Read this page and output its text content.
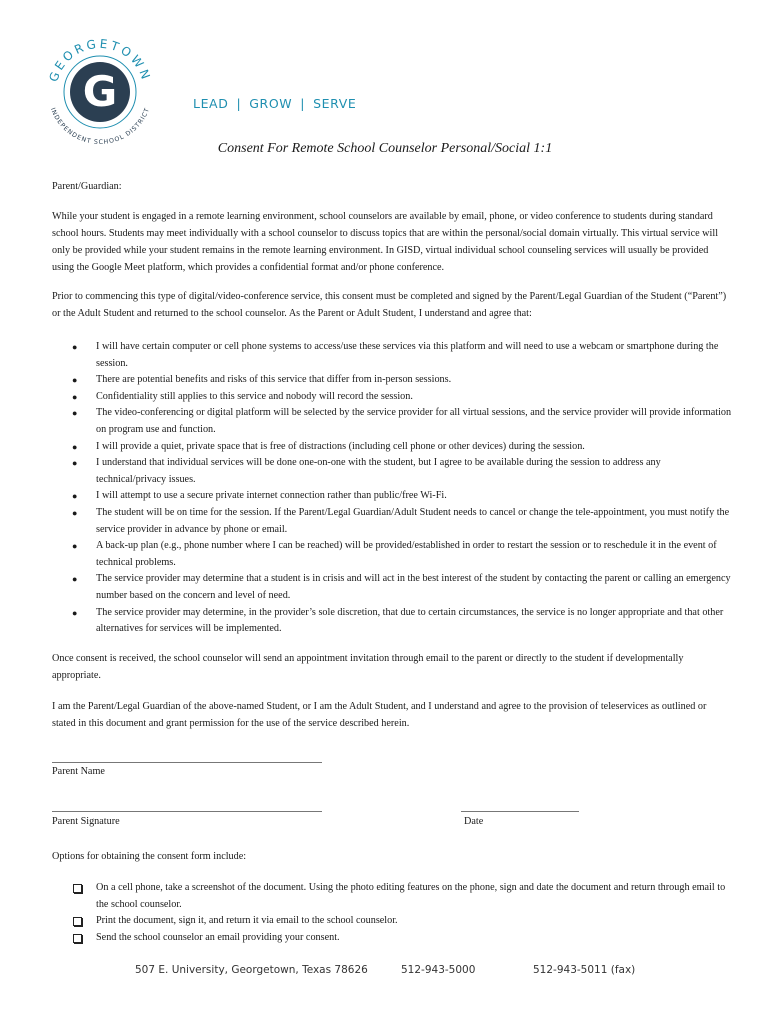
G
GEORGETOWN
INDEPENDENT SCHOOL DISTRICT	LEAD | GROW | SERVE
Consent For Remote School Counselor Personal/Social 1:1
Parent/Guardian:

While your student is engaged in a remote learning environment, school counselors are available by email, phone, or video conference to students during standard school hours. Students may meet individually with a school counselor to discuss topics that are within the personal/social domain virtually. This virtual service will only be provided while your student remains in the remote learning environment. In GISD, virtual individual school counseling services will usually be provided using the Google Meet platform, which provides a confidential format and/or phone conference.

Prior to commencing this type of digital/video-conference service, this consent must be completed and signed by the Parent/Legal Guardian of the Student (“Parent”) or the Adult Student and returned to the school counselor. As the Parent or Adult Student, I understand and agree that:

● I will have certain computer or cell phone systems to access/use these services via this platform and will need to use a webcam or smartphone during the session.
● There are potential benefits and risks of this service that differ from in-person sessions.
● Confidentiality still applies to this service and nobody will record the session.
● The video-conferencing or digital platform will be selected by the service provider for all virtual sessions, and the service provider will provide information on program use and function.
● I will provide a quiet, private space that is free of distractions (including cell phone or other devices) during the session.
● I understand that individual services will be done one-on-one with the student, but I agree to be available during the session to address any technical/privacy issues.
● I will attempt to use a secure private internet connection rather than public/free Wi-Fi.
● The student will be on time for the session. If the Parent/Legal Guardian/Adult Student needs to cancel or change the tele-appointment, you must notify the service provider in advance by phone or email.
● A back-up plan (e.g., phone number where I can be reached) will be provided/established in order to restart the session or to reschedule it in the event of technical problems.
● The service provider may determine that a student is in crisis and will act in the best interest of the student by contacting the parent or calling an emergency number based on the concern and level of need.
● The service provider may determine, in the provider’s sole discretion, that due to certain circumstances, the service is no longer appropriate and that other alternatives for services will be implemented.

Once consent is received, the school counselor will send an appointment invitation through email to the parent or directly to the student if developmentally appropriate.

I am the Parent/Legal Guardian of the above-named Student, or I am the Adult Student, and I understand and agree to the provision of teleservices as outlined or stated in this document and grant permission for the use of the service described herein.

Parent Name
Parent Signature	Date
Options for obtaining the consent form include:
On a cell phone, take a screenshot of the document. Using the photo editing features on the phone, sign and date the document and return through email to the school counselor.
Print the document, sign it, and return it via email to the school counselor.
Send the school counselor an email providing your consent.
507 E. University, Georgetown, Texas 78626	512-943-5000	512-943-5011 (fax)
